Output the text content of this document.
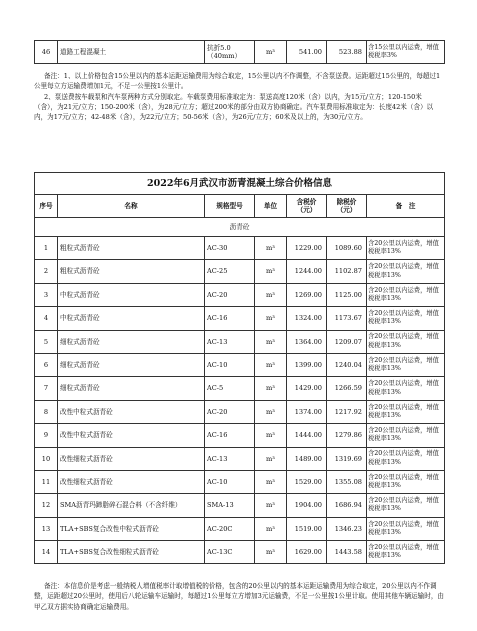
46	道路工程混凝土	抗折5.0（40mm）	m³	541.00	523.88	含15公里以内运费，增值税税率3%

备注：1、以上价格包含15公里以内的基本运距运输费用为综合取定，15公里以内不作调整，不含泵送费。运距超过15公里的，每超过1公里每立方运输费增加1元，不足一公里按1公里计。

2、泵送费按车载泵和汽车泵两种方式分别取定。车载泵费用标准取定为：泵送高度120米（含）以内，为15元/立方；120-150米（含），为21元/立方；150-200米（含），为28元/立方；超过200米的部分由双方协商确定。汽车泵费用标准取定为：长度42米（含）以内，为17元/立方；42-48米（含），为22元/立方；50-56米（含），为26元/立方；60米及以上的，为30元/立方。

2022年6月武汉市沥青混凝土综合价格信息						
序号	名称	规格型号	单位	含税价（元）	除税价（元）	备　注
沥青砼						
1	粗粒式沥青砼	AC-30	m³	1229.00	1089.60	含20公里以内运费，增值税税率13%
2	粗粒式沥青砼	AC-25	m³	1244.00	1102.87	含20公里以内运费，增值税税率13%
3	中粒式沥青砼	AC-20	m³	1269.00	1125.00	含20公里以内运费，增值税税率13%
4	中粒式沥青砼	AC-16	m³	1324.00	1173.67	含20公里以内运费，增值税税率13%
5	细粒式沥青砼	AC-13	m³	1364.00	1209.07	含20公里以内运费，增值税税率13%
6	细粒式沥青砼	AC-10	m³	1399.00	1240.04	含20公里以内运费，增值税税率13%
7	细粒式沥青砼	AC-5	m³	1429.00	1266.59	含20公里以内运费，增值税税率13%
8	改性中粒式沥青砼	AC-20	m³	1374.00	1217.92	含20公里以内运费，增值税税率13%
9	改性中粒式沥青砼	AC-16	m³	1444.00	1279.86	含20公里以内运费，增值税税率13%
10	改性细粒式沥青砼	AC-13	m³	1489.00	1319.69	含20公里以内运费，增值税税率13%
11	改性细粒式沥青砼	AC-10	m³	1529.00	1355.08	含20公里以内运费，增值税税率13%
12	SMA沥青玛蹄脂碎石混合料（不含纤维）	SMA-13	m³	1904.00	1686.94	含20公里以内运费，增值税税率13%
13	TLA+SBS复合改性中粒式沥青砼	AC-20C	m³	1519.00	1346.23	含20公里以内运费，增值税税率13%
14	TLA+SBS复合改性细粒式沥青砼	AC-13C	m³	1629.00	1443.58	含20公里以内运费，增值税税率13%

备注：本信息价是考虑一般纳税人增值税率计取增值税的价格，包含的20公里以内的基本运距运输费用为综合取定，20公里以内不作调整，运距超过20公里时，使用后八轮运输车运输时，每超过1公里每立方增加3元运输费，不足一公里按1公里计取。使用其他车辆运输时，由甲乙双方据实协商确定运输费用。
